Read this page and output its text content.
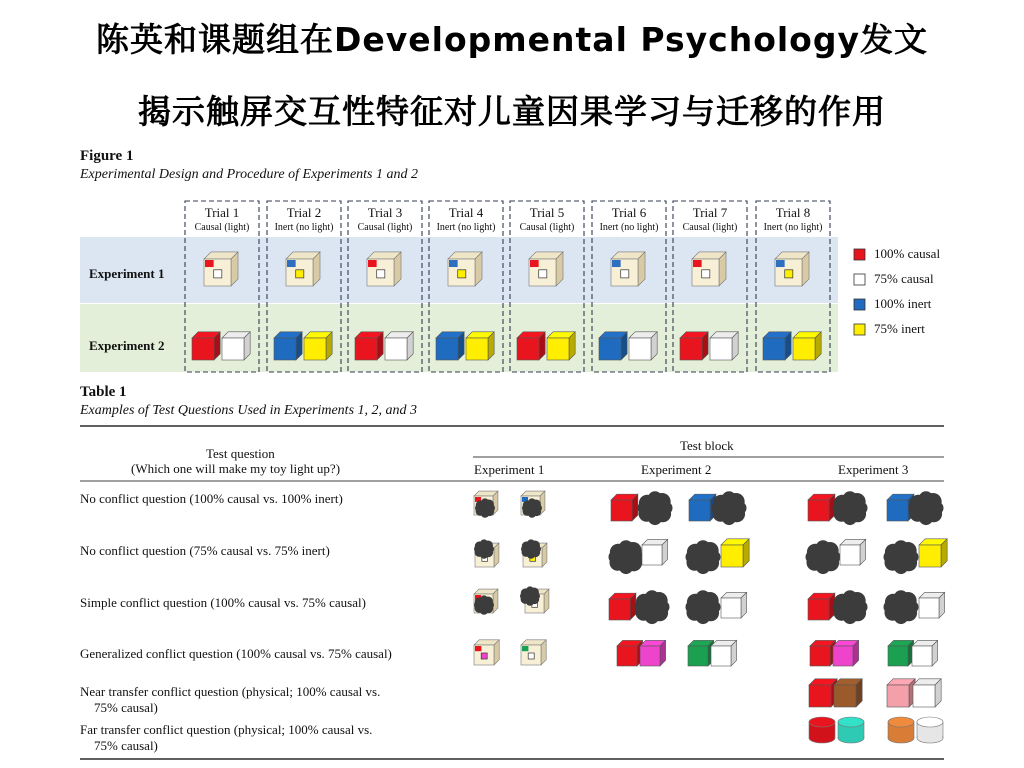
陈英和课题组在Developmental Psychology发文
揭示触屏交互性特征对儿童因果学习与迁移的作用
Figure 1
Experimental Design and Procedure of Experiments 1 and 2
Trial 1
Causal (light)
Trial 2
Inert (no light)
Trial 3
Causal (light)
Trial 4
Inert (no light)
Trial 5
Causal (light)
Trial 6
Inert (no light)
Trial 7
Causal (light)
Trial 8
Inert (no light)
Experiment 1
Experiment 2
100% causal
75% causal
100% inert
75% inert
Test question
(Which one will make my toy light up?)
Test block
Experiment 1	Experiment 2	Experiment 3
No conflict question (100% causal vs. 100% inert)
No conflict question (75% causal vs. 75% inert)
Simple conflict question (100% causal vs. 75% causal)
Generalized conflict question (100% causal vs. 75% causal)
Near transfer conflict question (physical; 100% causal vs.
75% causal)
Far transfer conflict question (physical; 100% causal vs.
75% causal)
Table 1
Examples of Test Questions Used in Experiments 1, 2, and 3
